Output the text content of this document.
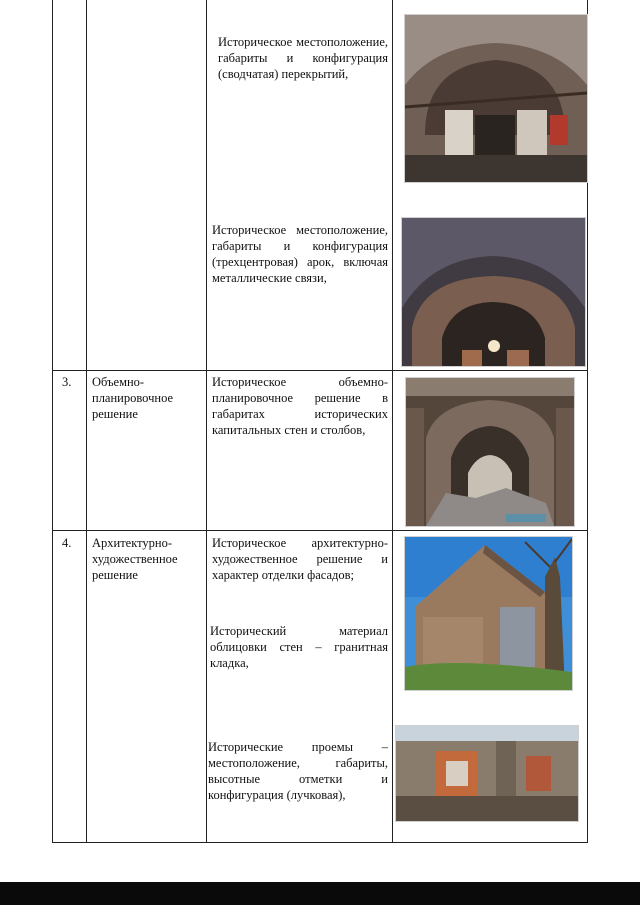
Историческое местоположение, габариты и конфигурация (сводчатая) перекрытий,
Историческое местоположение, габариты и конфигурация (трехцентровая) арок, включая металлические связи,
3. Объемно-планировочное решение
Историческое объемно-планировочное решение в габаритах исторических капитальных стен и столбов,
4. Архитектурно-художественное решение
Историческое архитектурно-художественное решение и характер отделки фасадов;
Исторический материал облицовки стен – гранитная кладка,
Исторические проемы – местоположение, габариты, высотные отметки и конфигурация (лучковая),
